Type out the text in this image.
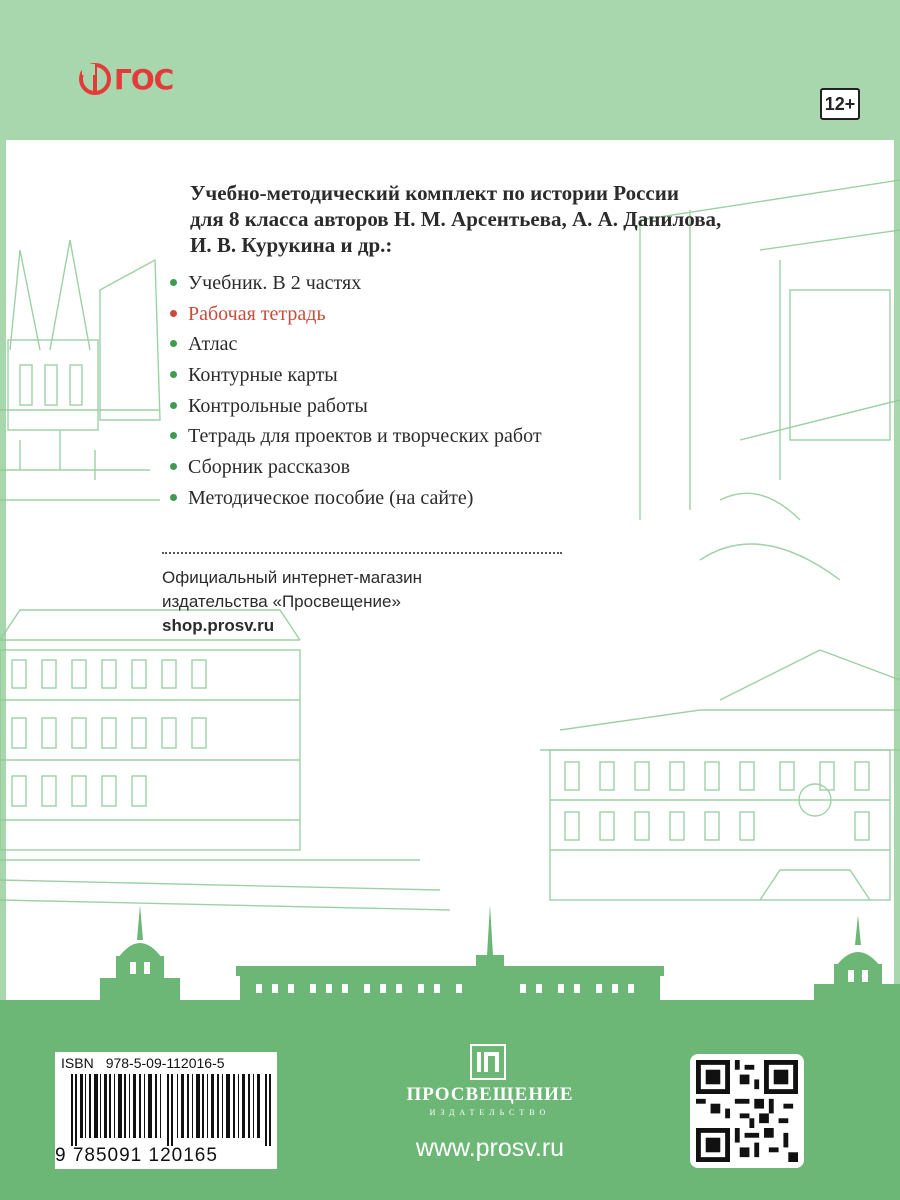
ГОС
12+
Учебно-методический комплект по истории России
для 8 класса авторов Н. М. Арсентьева, А. А. Данилова,
И. В. Курукина и др.:
Учебник. В 2 частях
Рабочая тетрадь
Атлас
Контурные карты
Контрольные работы
Тетрадь для проектов и творческих работ
Сборник рассказов
Методическое пособие (на сайте)
Официальный интернет-магазин
издательства «Просвещение»
shop.prosv.ru
ISBN 978-5-09-112016-5
9 785091 120165
ПРОСВЕЩЕНИЕ
ИЗДАТЕЛЬСТВО
www.prosv.ru
